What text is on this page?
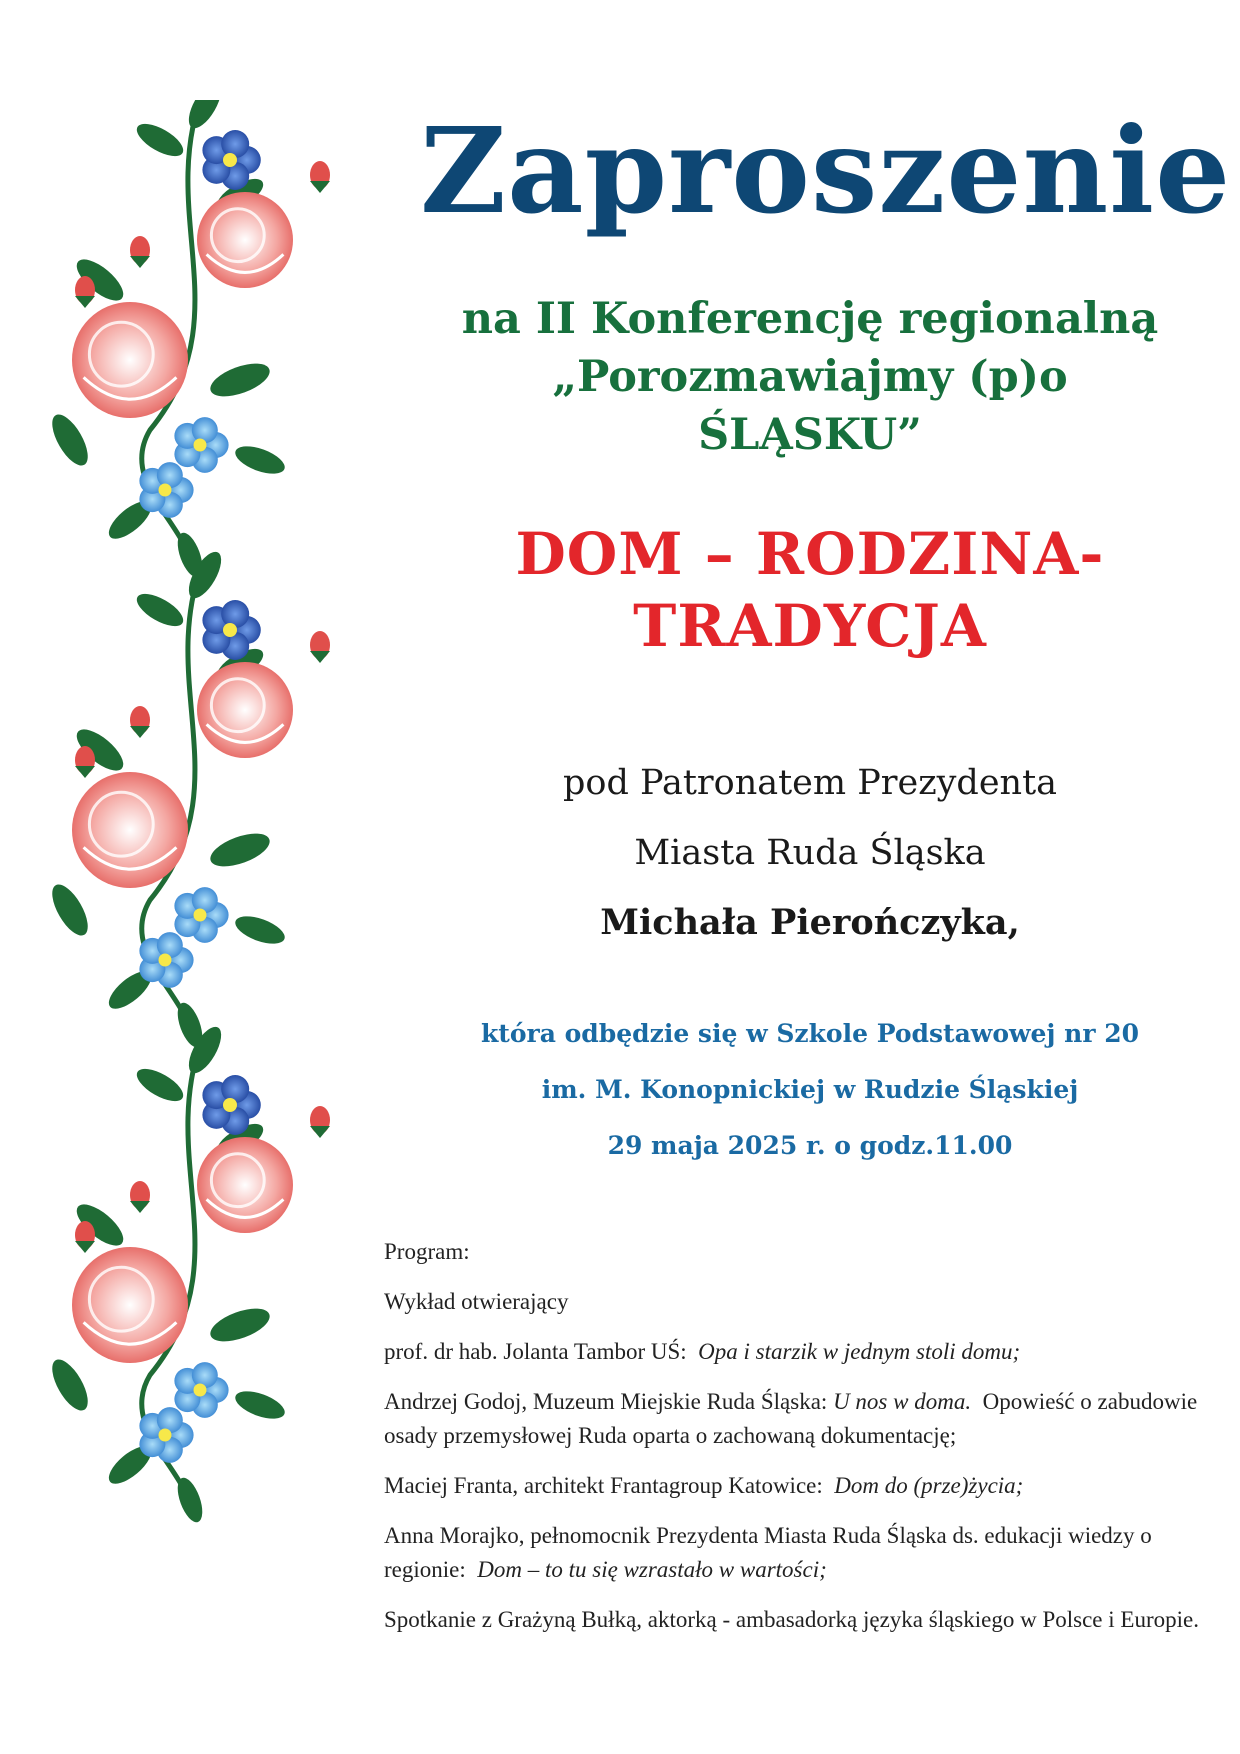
Zaproszenie
na II Konferencję regionalną
„Porozmawiajmy (p)o
ŚLĄSKU”
DOM – RODZINA-
TRADYCJA
pod Patronatem Prezydenta
Miasta Ruda Śląska
Michała Pierończyka,
która odbędzie się w Szkole Podstawowej nr 20
im. M. Konopnickiej w Rudzie Śląskiej
29 maja 2025 r. o godz.11.00

Program:

Wykład otwierający

prof. dr hab. Jolanta Tambor UŚ: Opa i starzik w jednym stoli domu;

Andrzej Godoj, Muzeum Miejskie Ruda Śląska: U nos w doma. Opowieść o zabudowie osady przemysłowej Ruda oparta o zachowaną dokumentację;

Maciej Franta, architekt Frantagroup Katowice: Dom do (prze)życia;

Anna Morajko, pełnomocnik Prezydenta Miasta Ruda Śląska ds. edukacji wiedzy o regionie: Dom – to tu się wzrastało w wartości;

Spotkanie z Grażyną Bułką, aktorką - ambasadorką języka śląskiego w Polsce i Europie.
